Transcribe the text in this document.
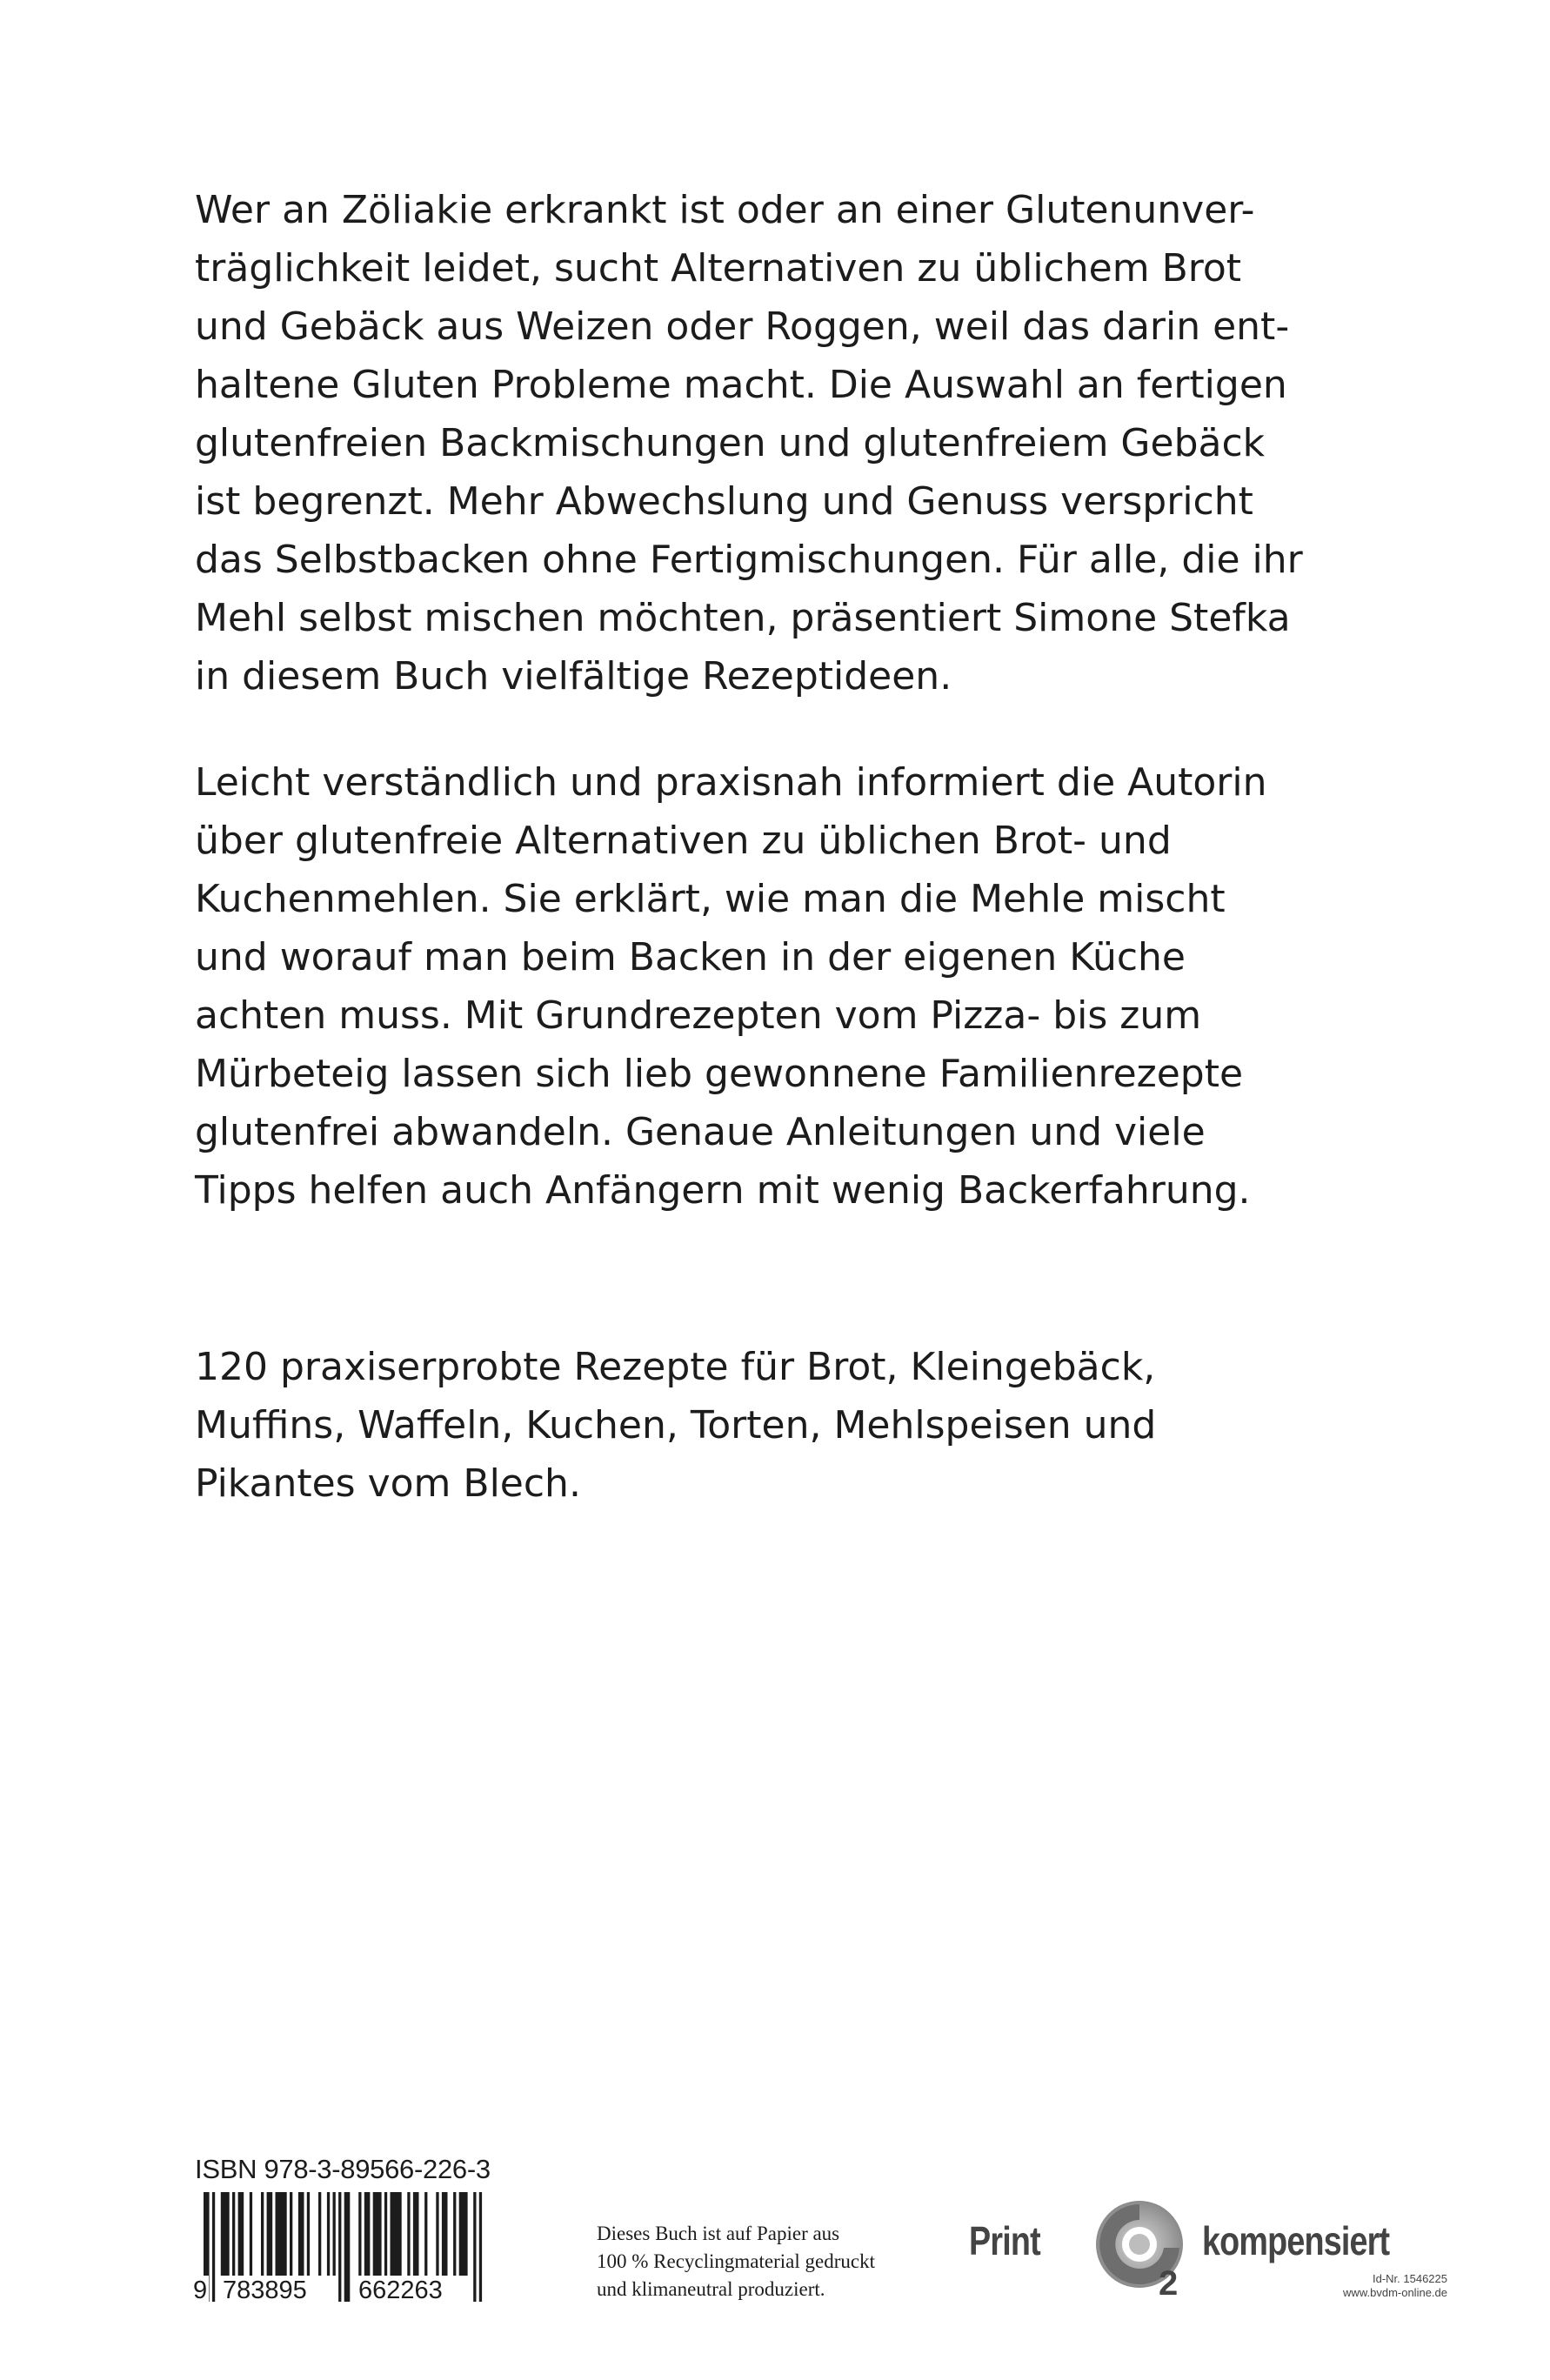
Wer an Zöliakie erkrankt ist oder an einer Glutenunver-
träglichkeit leidet, sucht Alternativen zu üblichem Brot
und Gebäck aus Weizen oder Roggen, weil das darin ent-
haltene Gluten Probleme macht. Die Auswahl an fertigen
glutenfreien Backmischungen und glutenfreiem Gebäck
ist begrenzt. Mehr Abwechslung und Genuss verspricht
das Selbstbacken ohne Fertigmischungen. Für alle, die ihr
Mehl selbst mischen möchten, präsentiert Simone Stefka
in diesem Buch vielfältige Rezeptideen.
Leicht verständlich und praxisnah informiert die Autorin
über glutenfreie Alternativen zu üblichen Brot- und
Kuchenmehlen. Sie erklärt, wie man die Mehle mischt
und worauf man beim Backen in der eigenen Küche
achten muss. Mit Grundrezepten vom Pizza- bis zum
Mürbeteig lassen sich lieb gewonnene Familienrezepte
glutenfrei abwandeln. Genaue Anleitungen und viele
Tipps helfen auch Anfängern mit wenig Backerfahrung.
120 praxiserprobte Rezepte für Brot, Kleingebäck,
Muffins, Waffeln, Kuchen, Torten, Mehlspeisen und
Pikantes vom Blech.
ISBN 978-3-89566-226-3
9 783895 662263
Dieses Buch ist auf Papier aus
100 % Recyclingmaterial gedruckt
und klimaneutral produziert.
Print
2
kompensiert
Id-Nr. 1546225
www.bvdm-online.de
